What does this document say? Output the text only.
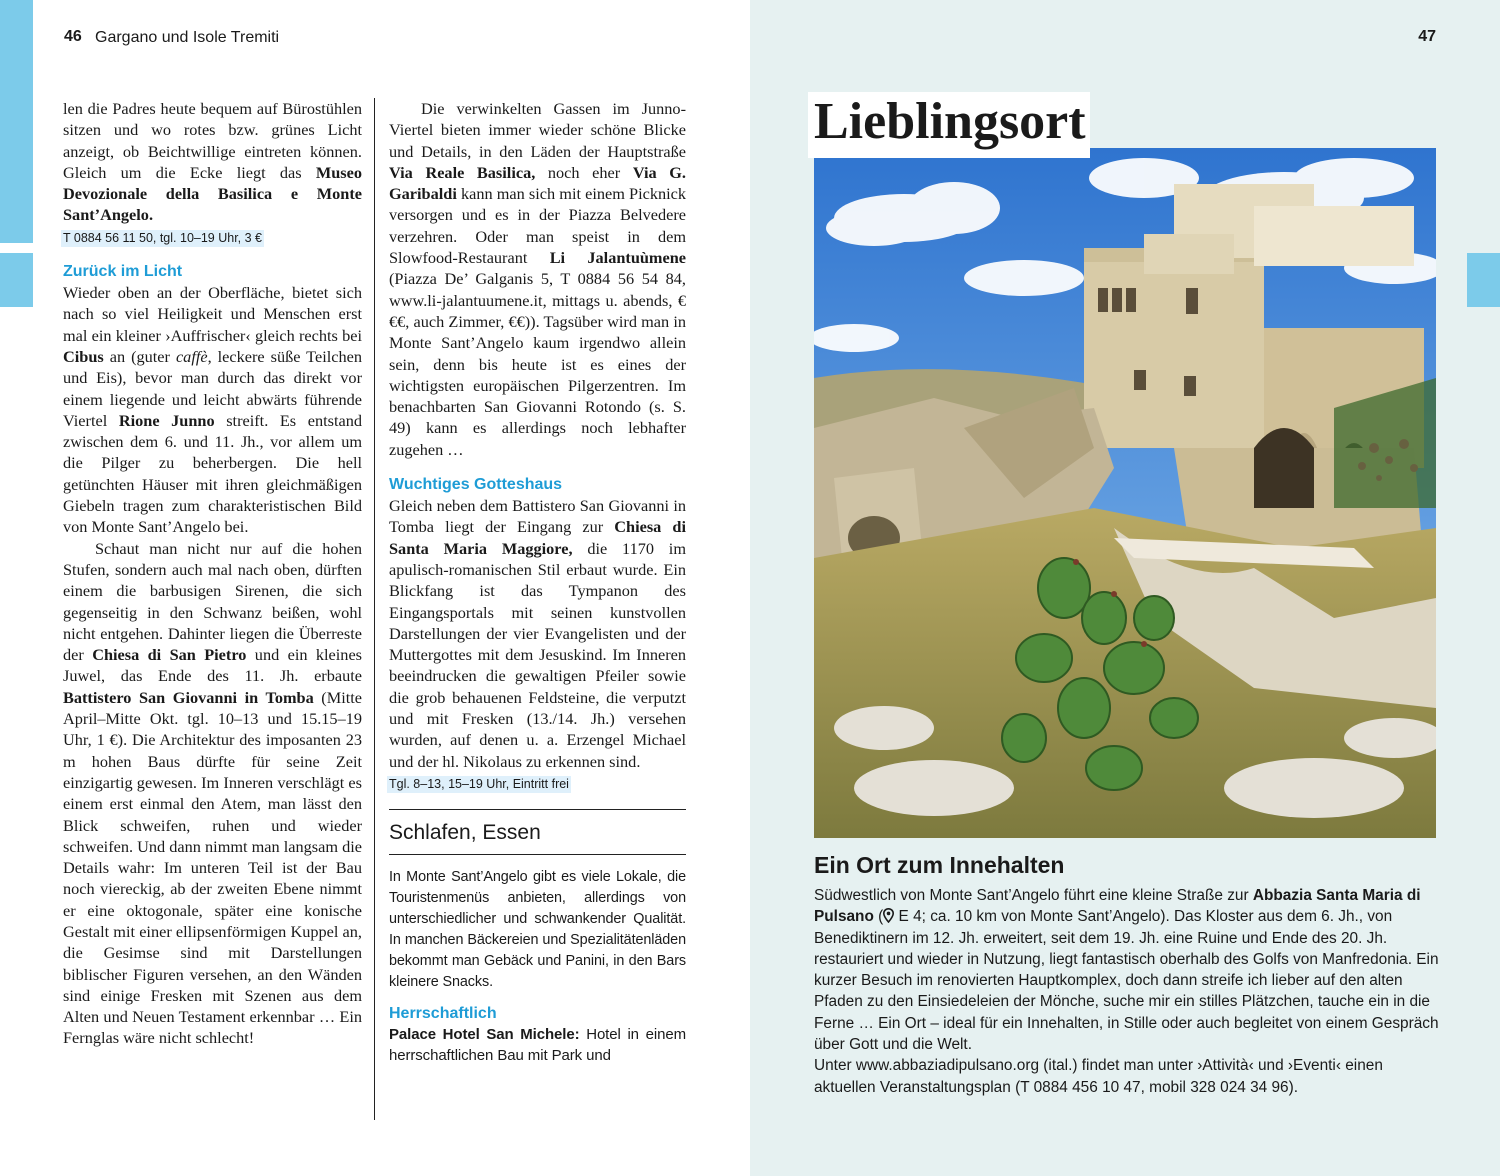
46 Gargano und Isole Tremiti

len die Padres heute bequem auf Bürostühlen sitzen und wo rotes bzw. grünes Licht anzeigt, ob Beichtwillige eintreten können. Gleich um die Ecke liegt das Museo Devozionale della Basilica e Monte Sant’Angelo.

T 0884 56 11 50, tgl. 10–19 Uhr, 3 €
Zurück im Licht

Wieder oben an der Oberfläche, bietet sich nach so viel Heiligkeit und Menschen erst mal ein kleiner ›Auffrischer‹ gleich rechts bei Cibus an (guter caffè, leckere süße Teilchen und Eis), bevor man durch das direkt vor einem liegende und leicht abwärts führende Viertel Rione Junno streift. Es entstand zwischen dem 6. und 11. Jh., vor allem um die Pilger zu beherbergen. Die hell getünchten Häuser mit ihren gleichmäßigen Giebeln tragen zum charakteristischen Bild von Monte Sant’Angelo bei.

Schaut man nicht nur auf die hohen Stufen, sondern auch mal nach oben, dürften einem die barbusigen Sirenen, die sich gegenseitig in den Schwanz beißen, wohl nicht entgehen. Dahinter liegen die Überreste der Chiesa di San Pietro und ein kleines Juwel, das Ende des 11. Jh. erbaute Battistero San Giovanni in Tomba (Mitte April–Mitte Okt. tgl. 10–13 und 15.15–19 Uhr, 1 €). Die Architektur des imposanten 23 m hohen Baus dürfte für seine Zeit einzigartig gewesen. Im Inneren verschlägt es einem erst einmal den Atem, man lässt den Blick schweifen, ruhen und wieder schweifen. Und dann nimmt man langsam die Details wahr: Im unteren Teil ist der Bau noch viereckig, ab der zweiten Ebene nimmt er eine oktogonale, später eine konische Gestalt mit einer ellipsenförmigen Kuppel an, die Gesimse sind mit Darstellungen biblischer Figuren versehen, an den Wänden sind einige Fresken mit Szenen aus dem Alten und Neuen Testament erkennbar … Ein Fernglas wäre nicht schlecht!

Die verwinkelten Gassen im Junno-Viertel bieten immer wieder schöne Blicke und Details, in den Läden der Hauptstraße Via Reale Basilica, noch eher Via G. Garibaldi kann man sich mit einem Picknick versorgen und es in der Piazza Belvedere verzehren. Oder man speist in dem Slowfood-Restaurant Li Jalantuùmene (Piazza De’ Galganis 5, T 0884 56 54 84, www.li-jalantuumene.it, mittags u. abends, €€€, auch Zimmer, €€)). Tagsüber wird man in Monte Sant’Angelo kaum irgendwo allein sein, denn bis heute ist es eines der wichtigsten europäischen Pilgerzentren. Im benachbarten San Giovanni Rotondo (s. S. 49) kann es allerdings noch lebhafter zugehen …

Wuchtiges Gotteshaus

Gleich neben dem Battistero San Giovanni in Tomba liegt der Eingang zur Chiesa di Santa Maria Maggiore, die 1170 im apulisch-romanischen Stil erbaut wurde. Ein Blickfang ist das Tympanon des Eingangsportals mit seinen kunstvollen Darstellungen der vier Evangelisten und der Muttergottes mit dem Jesuskind. Im Inneren beeindrucken die gewaltigen Pfeiler sowie die grob behauenen Feldsteine, die verputzt und mit Fresken (13./14. Jh.) versehen wurden, auf denen u. a. Erzengel Michael und der hl. Nikolaus zu erkennen sind.

Tgl. 8–13, 15–19 Uhr, Eintritt frei
Schlafen, Essen

In Monte Sant’Angelo gibt es viele Lokale, die Touristenmenüs anbieten, allerdings von unterschiedlicher und schwankender Qualität. In manchen Bäckereien und Spezialitätenläden bekommt man Gebäck und Panini, in den Bars kleinere Snacks.

Herrschaftlich

Palace Hotel San Michele: Hotel in einem herrschaftlichen Bau mit Park und

47
Lieblingsort
Ein Ort zum Innehalten

Südwestlich von Monte Sant’Angelo führt eine kleine Straße zur Abbazia Santa Maria di Pulsano ( E 4; ca. 10 km von Monte Sant’Angelo). Das Kloster aus dem 6. Jh., von Benediktinern im 12. Jh. erweitert, seit dem 19. Jh. eine Ruine und Ende des 20. Jh. restauriert und wieder in Nutzung, liegt fantastisch oberhalb des Golfs von Manfredonia. Ein kurzer Besuch im renovierten Hauptkomplex, doch dann streife ich lieber auf den alten Pfaden zu den Einsiedeleien der Mönche, suche mir ein stilles Plätzchen, tauche ein in die Ferne … Ein Ort – ideal für ein Innehalten, in Stille oder auch begleitet von einem Gespräch über Gott und die Welt.

Unter www.abbaziadipulsano.org (ital.) findet man unter ›Attività‹ und ›Eventi‹ einen aktuellen Veranstaltungsplan (T 0884 456 10 47, mobil 328 024 34 96).
